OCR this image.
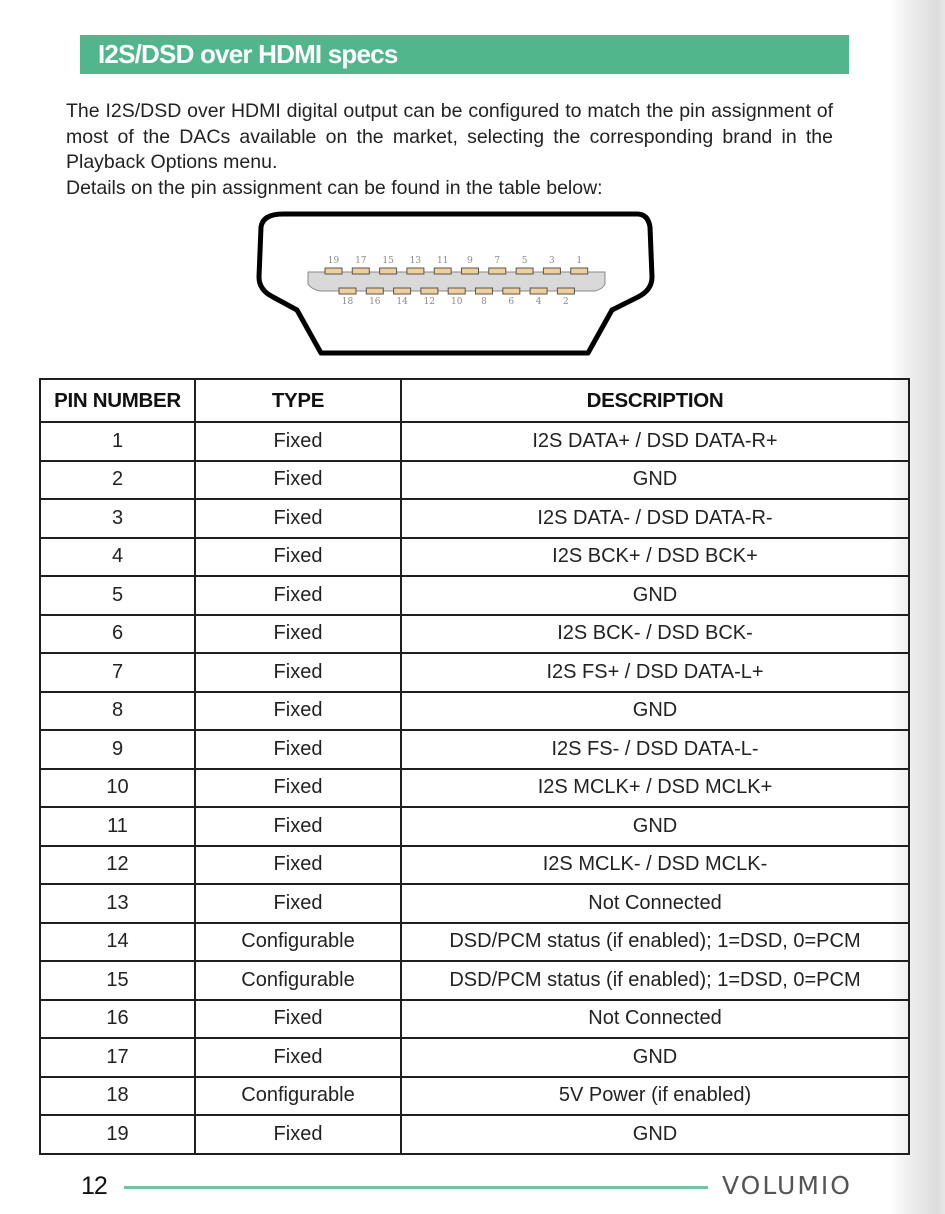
I2S/DSD over HDMI specs

The I2S/DSD over HDMI digital output can be configured to match the pin assignment of most of the DACs available on the market, selecting the corresponding brand in the Playback Options menu.

Details on the pin assignment can be found in the table below:

19 17 15 13 11 9 7 5 3 1
18 16 14 12 10 8 6 4 2
PIN NUMBER	TYPE	DESCRIPTION
1	Fixed	I2S DATA+ / DSD DATA-R+
2	Fixed	GND
3	Fixed	I2S DATA- / DSD DATA-R-
4	Fixed	I2S BCK+ / DSD BCK+
5	Fixed	GND
6	Fixed	I2S BCK- / DSD BCK-
7	Fixed	I2S FS+ / DSD DATA-L+
8	Fixed	GND
9	Fixed	I2S FS- / DSD DATA-L-
10	Fixed	I2S MCLK+ / DSD MCLK+
11	Fixed	GND
12	Fixed	I2S MCLK- / DSD MCLK-
13	Fixed	Not Connected
14	Configurable	DSD/PCM status (if enabled); 1=DSD, 0=PCM
15	Configurable	DSD/PCM status (if enabled); 1=DSD, 0=PCM
16	Fixed	Not Connected
17	Fixed	GND
18	Configurable	5V Power (if enabled)
19	Fixed	GND
12	VOLUMIO
